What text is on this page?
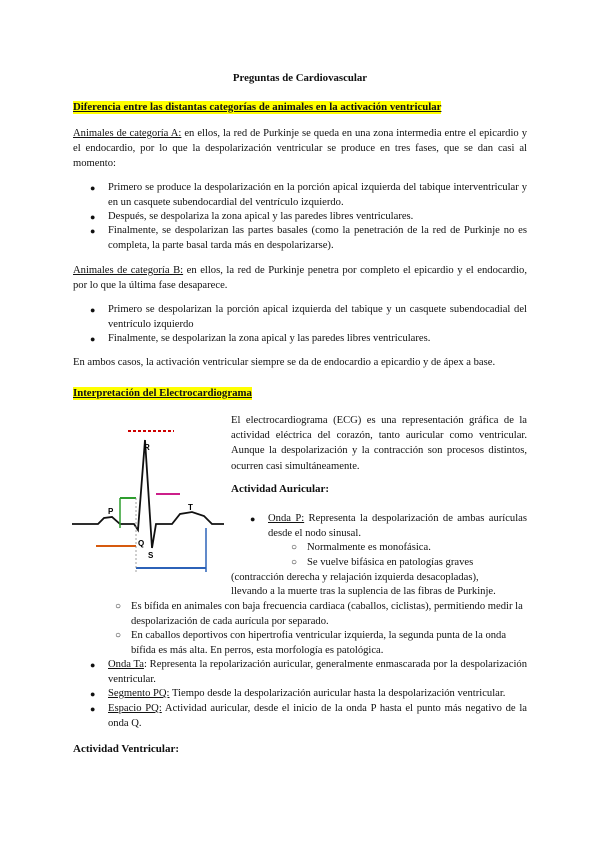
Preguntas de Cardiovascular
Diferencia entre las distantas categorías de animales en la activación ventricular
Animales de categoría A: en ellos, la red de Purkinje se queda en una zona intermedia entre el epicardio y el endocardio, por lo que la despolarización ventricular se produce en tres fases, que se dan casi al momento:
● Primero se produce la despolarización en la porción apical izquierda del tabique interventricular y en un casquete subendocardial del ventrículo izquierdo.
● Después, se despolariza la zona apical y las paredes libres ventriculares.
● Finalmente, se despolarizan las partes basales (como la penetración de la red de Purkinje no es completa, la parte basal tarda más en despolarizarse).
Animales de categoría B: en ellos, la red de Purkinje penetra por completo el epicardio y el endocardio, por lo que la última fase desaparece.
● Primero se despolarizan la porción apical izquierda del tabique y un casquete subendocadial del ventrículo izquierdo
● Finalmente, se despolarizan la zona apical y las paredes libres ventriculares.
En ambos casos, la activación ventricular siempre se da de endocardio a epicardio y de ápex a base.
Interpretación del Electrocardiograma
R
P	T
Q
S
El electrocardiograma (ECG) es una representación gráfica de la actividad eléctrica del corazón, tanto auricular como ventricular. Aunque la despolarización y la contracción son procesos distintos, ocurren casi simultáneamente.
Actividad Auricular:
● Onda P: Representa la despolarización de ambas aurículas desde el nodo sinusal.
○ Normalmente es monofásica.
○ Se vuelve bifásica en patologías graves
(contracción derecha y relajación izquierda desacopladas),
llevando a la muerte tras la suplencia de las fibras de Purkinje.
○ Es bífida en animales con baja frecuencia cardiaca (caballos, ciclistas), permitiendo medir la despolarización de cada aurícula por separado.
○ En caballos deportivos con hipertrofia ventricular izquierda, la segunda punta de la onda bífida es más alta. En perros, esta morfología es patológica.
● Onda Ta: Representa la repolarización auricular, generalmente enmascarada por la despolarización ventricular.
● Segmento PQ: Tiempo desde la despolarización auricular hasta la despolarización ventricular.
● Espacio PQ: Actividad auricular, desde el inicio de la onda P hasta el punto más negativo de la onda Q.
Actividad Ventricular:
